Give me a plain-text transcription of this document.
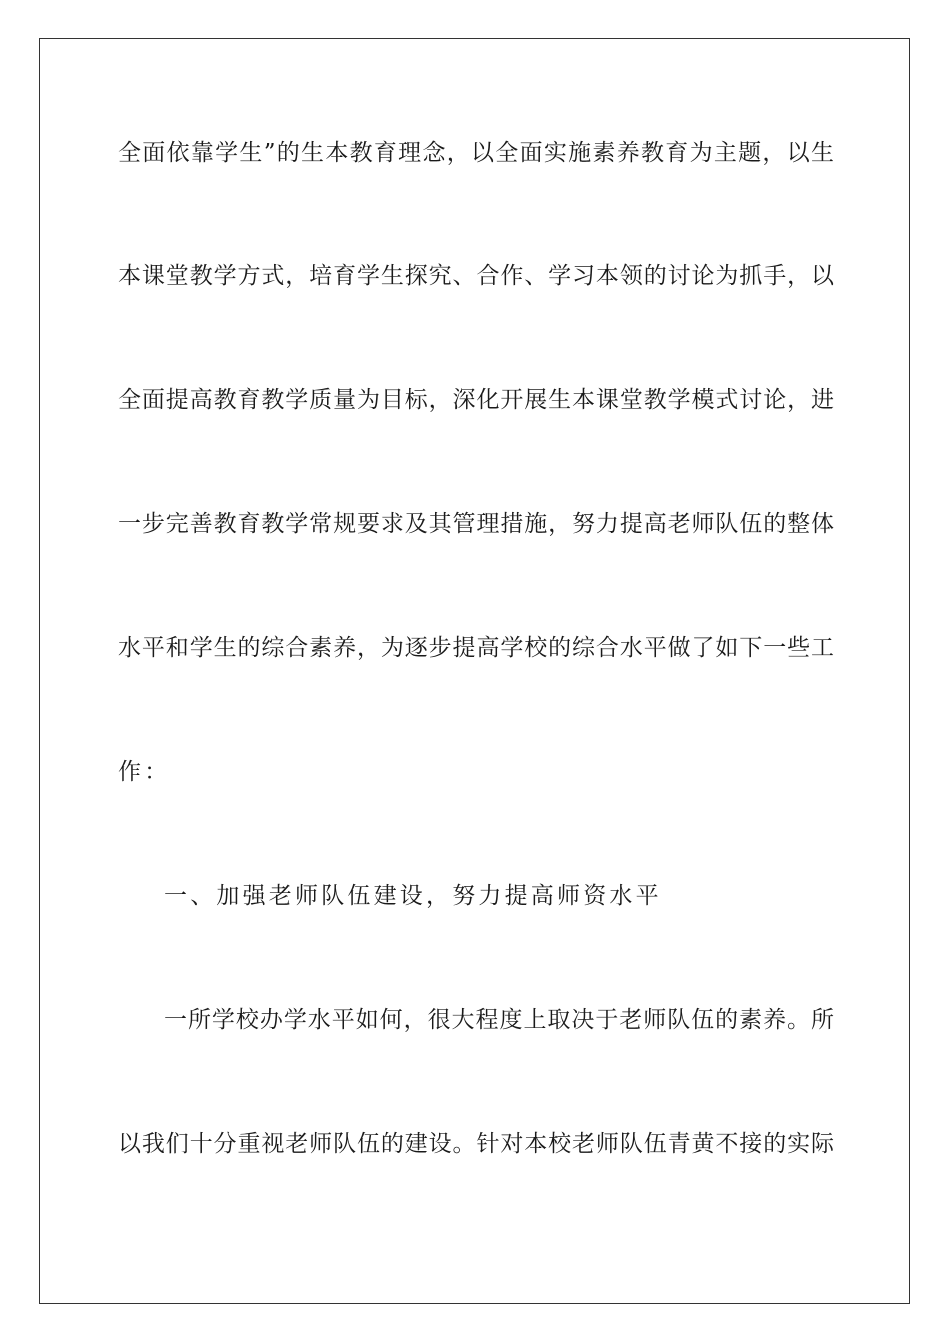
全面依靠学生”的生本教育理念，以全面实施素养教育为主题，以生
本课堂教学方式，培育学生探究、合作、学习本领的讨论为抓手，以
全面提高教育教学质量为目标，深化开展生本课堂教学模式讨论，进
一步完善教育教学常规要求及其管理措施，努力提高老师队伍的整体
水平和学生的综合素养，为逐步提高学校的综合水平做了如下一些工
作：
一、加强老师队伍建设，努力提高师资水平
一所学校办学水平如何，很大程度上取决于老师队伍的素养。所
以我们十分重视老师队伍的建设。针对本校老师队伍青黄不接的实际
